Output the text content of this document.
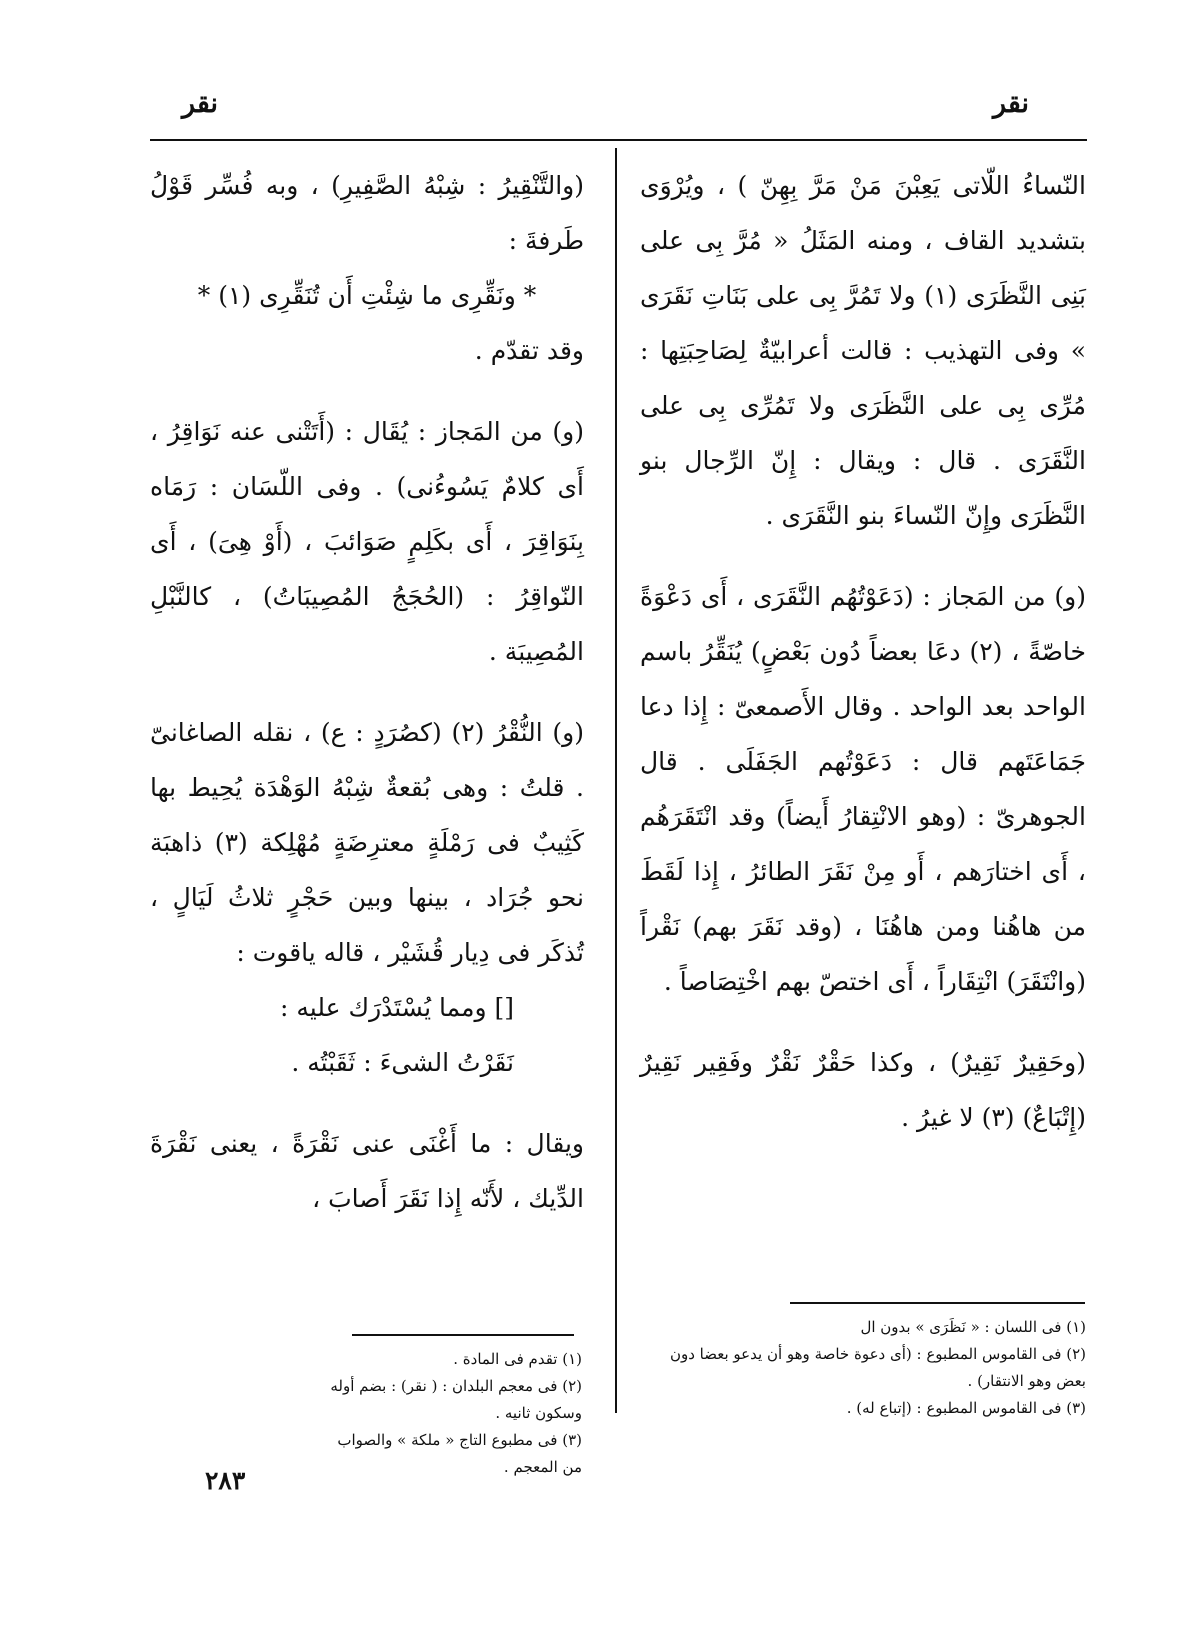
نقر
نقر

النّساءُ اللّاتى يَعِبْنَ مَنْ مَرَّ بِهِنّ ) ، ويُرْوَى بتشديد القاف ، ومنه المَثَلُ « مُرَّ بِى على بَنِى النَّظَرَى (١) ولا تَمُرَّ بِى على بَنَاتِ نَقَرَى » وفى التهذيب : قالت أعرابيّةٌ لِصَاحِبَتِها : مُرِّى بِى على النَّظَرَى ولا تَمُرِّى بِى على النَّقَرَى . قال : ويقال : إِنّ الرِّجال بنو النَّظَرَى وإِنّ النّساءَ بنو النَّقَرَى .

(و) من المَجاز : (دَعَوْتُهُم النَّقَرَى ، أَى دَعْوَةً خاصّةً ، (٢) دعَا بعضاً دُون بَعْضٍ) يُنَقِّرُ باسم الواحد بعد الواحد . وقال الأَصمعىّ : إِذا دعا جَمَاعَتَهم قال : دَعَوْتُهم الجَفَلَى . قال الجوهرىّ : (وهو الانْتِقارُ أَيضاً) وقد انْتَقَرَهُم ، أَى اختارَهم ، أَو مِنْ نَقَرَ الطائرُ ، إِذا لَقَطَ من هاهُنا ومن هاهُنَا ، (وقد نَقَرَ بهم) نَقْراً (وانْتَقَرَ) انْتِقَاراً ، أَى اختصّ بهم اخْتِصَاصاً .

(وحَقِيرٌ نَقِيرٌ) ، وكذا حَقْرٌ نَقْرٌ وفَقِير نَقِيرٌ (إِتْبَاعٌ) (٣) لا غيرُ .

(والتَّنْقِيرُ : شِبْهُ الصَّفِيرِ) ، وبه فُسِّر قَوْلُ طَرفةَ :

* ونَقِّرِى ما شِئْتِ أَن تُنَقِّرِى (١) *

وقد تقدّم .

(و) من المَجاز : يُقَال : (أَتَتْنى عنه نَوَاقِرُ ، أَى كلامٌ يَسُوءُنى) . وفى اللّسَان : رَمَاه بِنَوَاقِرَ ، أَى بكَلِمٍ صَوَائبَ ، (أَوْ هِىَ) ، أَى النّواقِرُ : (الحُجَجُ المُصِيبَاتُ) ، كالنَّبْلِ المُصِيبَة .

(و) النُّقْرُ (٢) (كصُرَدٍ : ع) ، نقله الصاغانىّ . قلتُ : وهى بُقعةٌ شِبْهُ الوَهْدَة يُحِيط بها كَثِيبٌ فى رَمْلَةٍ معترِضَةٍ مُهْلِكة (٣) ذاهبَة نحو جُرَاد ، بينها وبين حَجْرٍ ثلاثُ لَيَالٍ ، تُذكَر فى دِيار قُشَيْر ، قاله ياقوت :

[] ومما يُسْتَدْرَك عليه :

نَقَرْتُ الشىءَ : ثَقَبْتُه .

ويقال : ما أَغْنَى عنى نَقْرَةً ، يعنى نَقْرَةَ الدِّيك ، لأَنّه إِذا نَقَرَ أَصابَ ،

(١) فى اللسان : « نَظَرَى » بدون ال

(٢) فى القاموس المطبوع : (أى دعوة خاصة وهو أن يدعو بعضا دون بعض وهو الانتقار) .

(٣) فى القاموس المطبوع : (إتباع له) .

(١) تقدم فى المادة .

(٢) فى معجم البلدان : ( نقر) : بضم أوله وسكون ثانيه .

(٣) فى مطبوع التاج « ملكة » والصواب من المعجم .

٢٨٣
